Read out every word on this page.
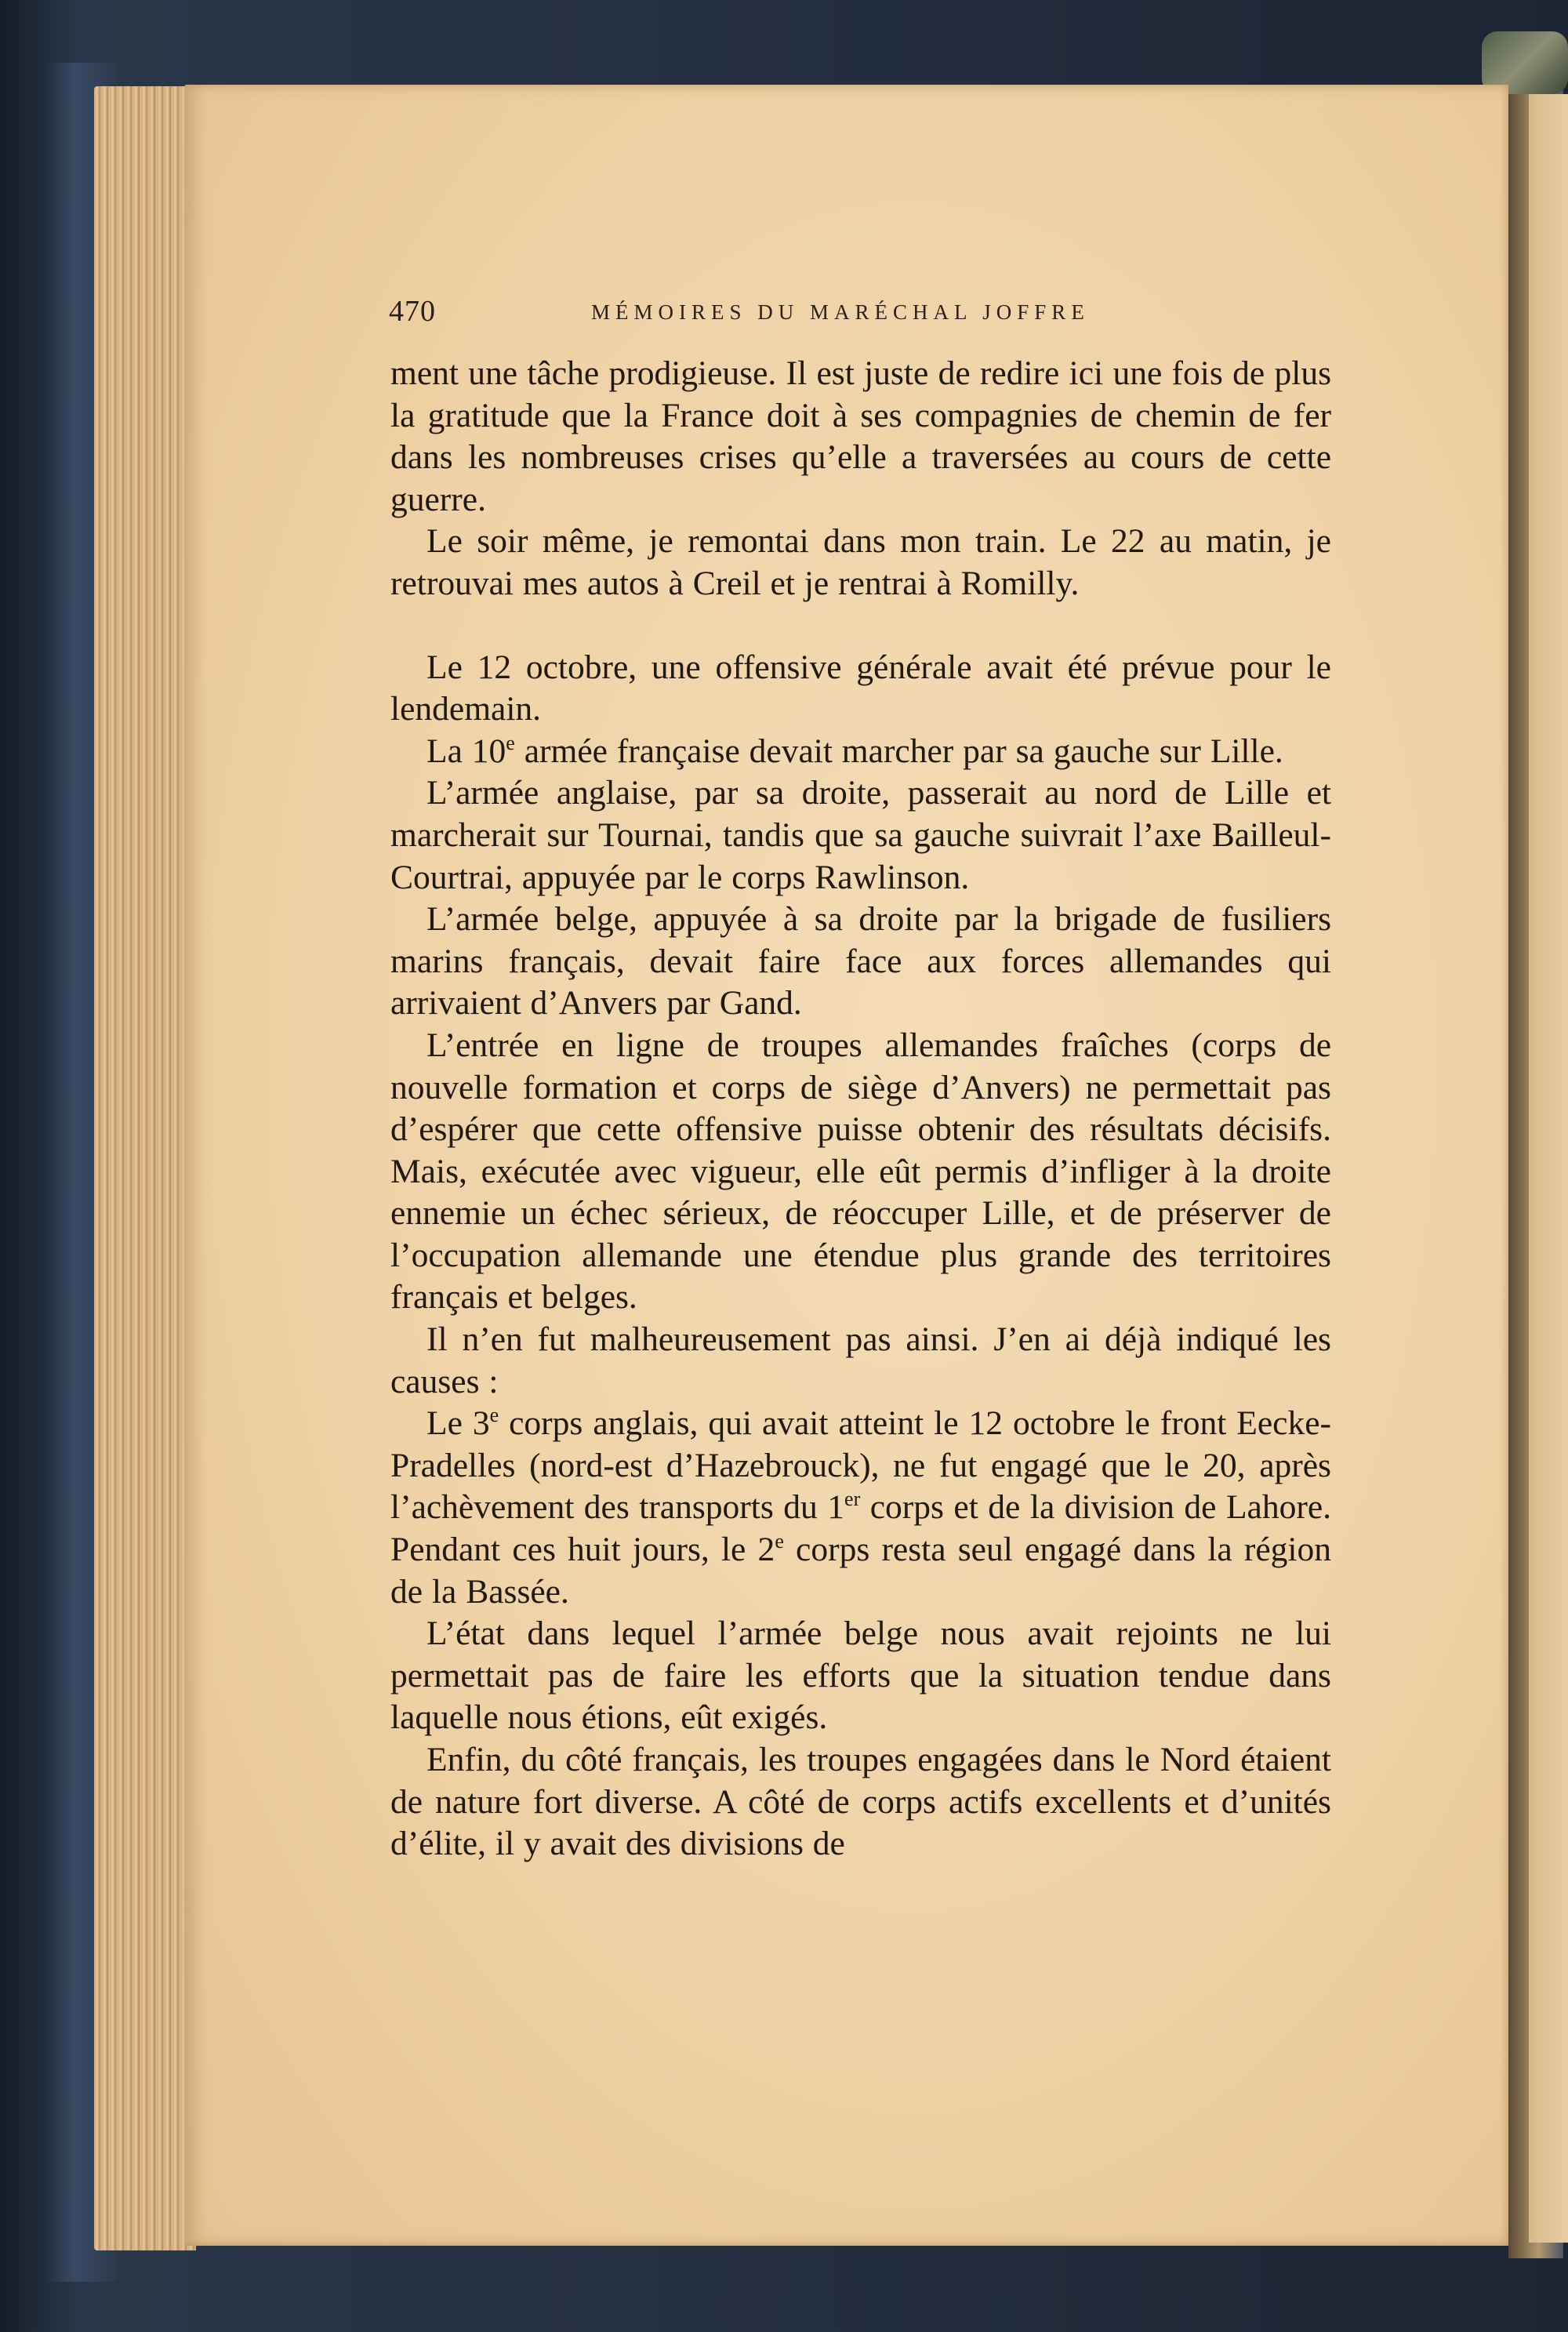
470	MÉMOIRES DU MARÉCHAL JOFFRE

ment une tâche prodigieuse. Il est juste de redire ici une fois de plus la gratitude que la France doit à ses compagnies de chemin de fer dans les nombreuses crises qu’elle a traversées au cours de cette guerre.

Le soir même, je remontai dans mon train. Le 22 au matin, je retrouvai mes autos à Creil et je rentrai à Romilly.

Le 12 octobre, une offensive générale avait été prévue pour le lendemain.

La 10e armée française devait marcher par sa gauche sur Lille.

L’armée anglaise, par sa droite, passerait au nord de Lille et marcherait sur Tournai, tandis que sa gauche suivrait l’axe Bailleul-Courtrai, appuyée par le corps Rawlinson.

L’armée belge, appuyée à sa droite par la brigade de fusiliers marins français, devait faire face aux forces allemandes qui arrivaient d’Anvers par Gand.

L’entrée en ligne de troupes allemandes fraîches (corps de nouvelle formation et corps de siège d’Anvers) ne permettait pas d’espérer que cette offensive puisse obtenir des résultats décisifs. Mais, exécutée avec vigueur, elle eût permis d’infliger à la droite ennemie un échec sérieux, de réoccuper Lille, et de préserver de l’occupation allemande une étendue plus grande des territoires français et belges.

Il n’en fut malheureusement pas ainsi. J’en ai déjà indiqué les causes :

Le 3e corps anglais, qui avait atteint le 12 octobre le front Eecke-Pradelles (nord-est d’Hazebrouck), ne fut engagé que le 20, après l’achèvement des transports du 1er corps et de la division de Lahore. Pendant ces huit jours, le 2e corps resta seul engagé dans la région de la Bassée.

L’état dans lequel l’armée belge nous avait rejoints ne lui permettait pas de faire les efforts que la situation tendue dans laquelle nous étions, eût exigés.

Enfin, du côté français, les troupes engagées dans le Nord étaient de nature fort diverse. A côté de corps actifs excellents et d’unités d’élite, il y avait des divisions de
